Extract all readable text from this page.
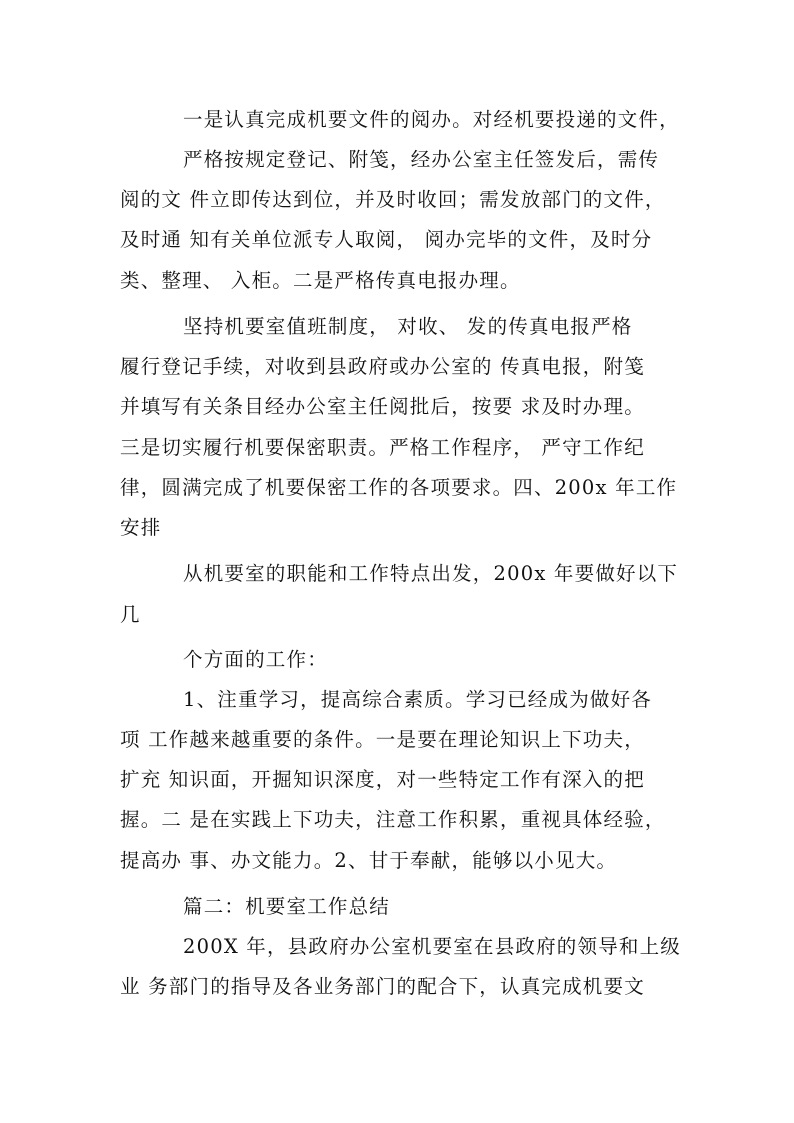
一是认真完成机要文件的阅办。对经机要投递的文件，
严格按规定登记、附笺，经办公室主任签发后，需传
阅的文 件立即传达到位，并及时收回；需发放部门的文件，
及时通 知有关单位派专人取阅， 阅办完毕的文件，及时分
类、整理、 入柜。二是严格传真电报办理。
坚持机要室值班制度， 对收、 发的传真电报严格
履行登记手续，对收到县政府或办公室的 传真电报，附笺
并填写有关条目经办公室主任阅批后，按要 求及时办理。
三是切实履行机要保密职责。严格工作程序， 严守工作纪
律，圆满完成了机要保密工作的各项要求。四、200x 年工作
安排
从机要室的职能和工作特点出发，200x 年要做好以下
几
个方面的工作：
1、注重学习，提高综合素质。学习已经成为做好各
项 工作越来越重要的条件。一是要在理论知识上下功夫，
扩充 知识面，开掘知识深度，对一些特定工作有深入的把
握。二 是在实践上下功夫，注意工作积累，重视具体经验，
提高办 事、办文能力。2、甘于奉献，能够以小见大。
篇二：机要室工作总结
200X 年，县政府办公室机要室在县政府的领导和上级
业 务部门的指导及各业务部门的配合下，认真完成机要文
